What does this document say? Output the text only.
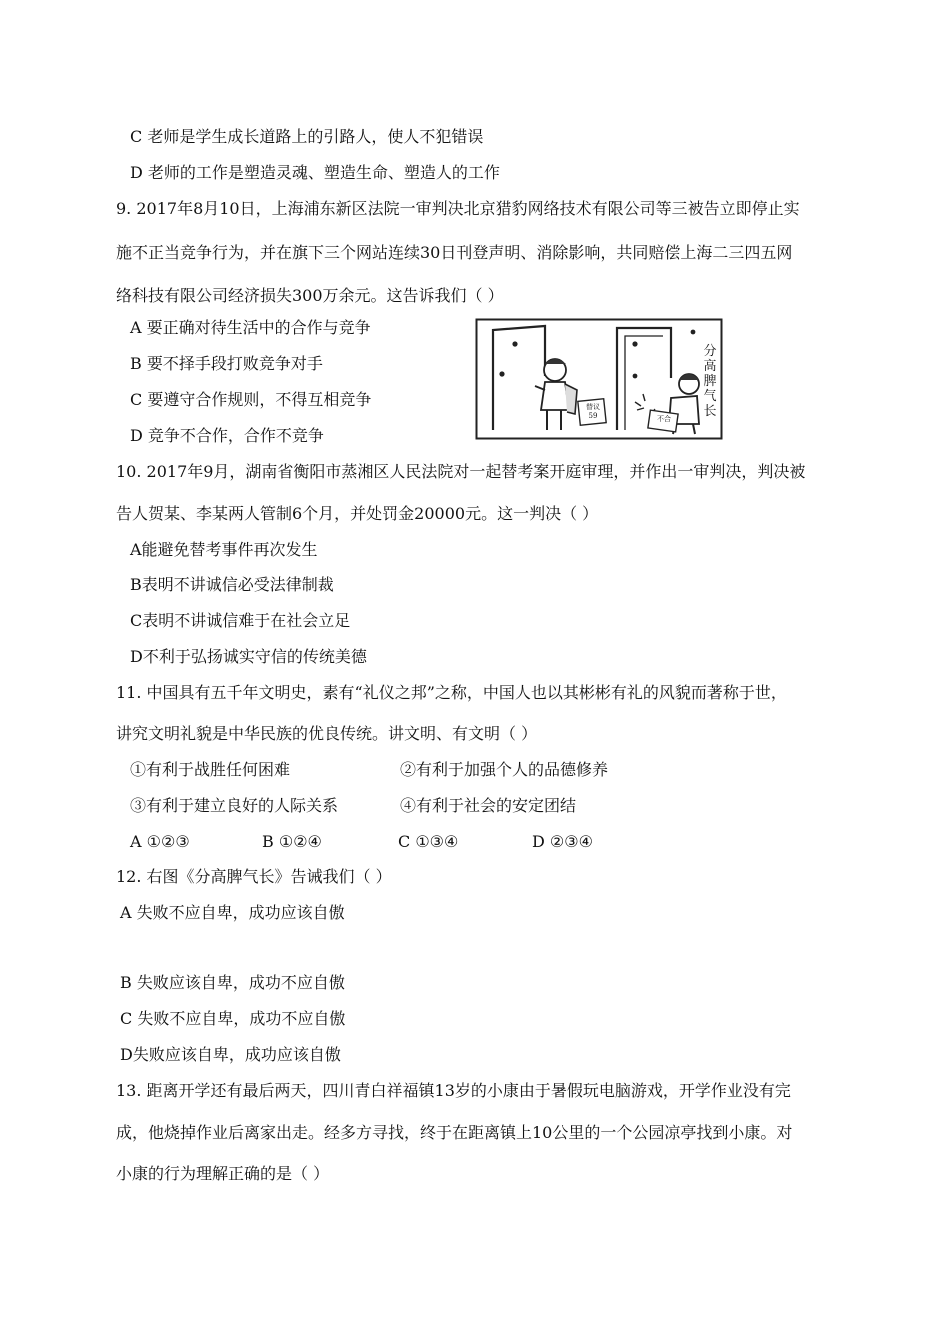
C 老师是学生成长道路上的引路人，使人不犯错误
D 老师的工作是塑造灵魂、塑造生命、塑造人的工作
9. 2017年8月10日，上海浦东新区法院一审判决北京猎豹网络技术有限公司等三被告立即停止实
施不正当竞争行为，并在旗下三个网站连续30日刊登声明、消除影响，共同赔偿上海二三四五网
络科技有限公司经济损失300万余元。这告诉我们（ ）
A 要正确对待生活中的合作与竞争
B 要不择手段打败竞争对手
C 要遵守合作规则，不得互相竞争
D 竞争不合作，合作不竞争
10. 2017年9月，湖南省衡阳市蒸湘区人民法院对一起替考案开庭审理，并作出一审判决，判决被
告人贺某、李某两人管制6个月，并处罚金20000元。这一判决（ ）
A能避免替考事件再次发生
B表明不讲诚信必受法律制裁
C表明不讲诚信难于在社会立足
D不利于弘扬诚实守信的传统美德
11. 中国具有五千年文明史，素有“礼仪之邦”之称，中国人也以其彬彬有礼的风貌而著称于世，
讲究文明礼貌是中华民族的优良传统。讲文明、有文明（ ）
①有利于战胜任何困难	②有利于加强个人的品德修养
③有利于建立良好的人际关系	④有利于社会的安定团结
A ①②③	B ①②④	C ①③④	D ②③④
12. 右图《分高脾气长》告诫我们（ ）
A 失败不应自卑，成功应该自傲
B 失败应该自卑，成功不应自傲
C 失败不应自卑，成功不应自傲
D失败应该自卑，成功应该自傲
13. 距离开学还有最后两天，四川青白祥福镇13岁的小康由于暑假玩电脑游戏，开学作业没有完
成，他烧掉作业后离家出走。经多方寻找，终于在距离镇上10公里的一个公园凉亭找到小康。对
小康的行为理解正确的是（ ）
分
高
脾
气
长
替议
59	不合
